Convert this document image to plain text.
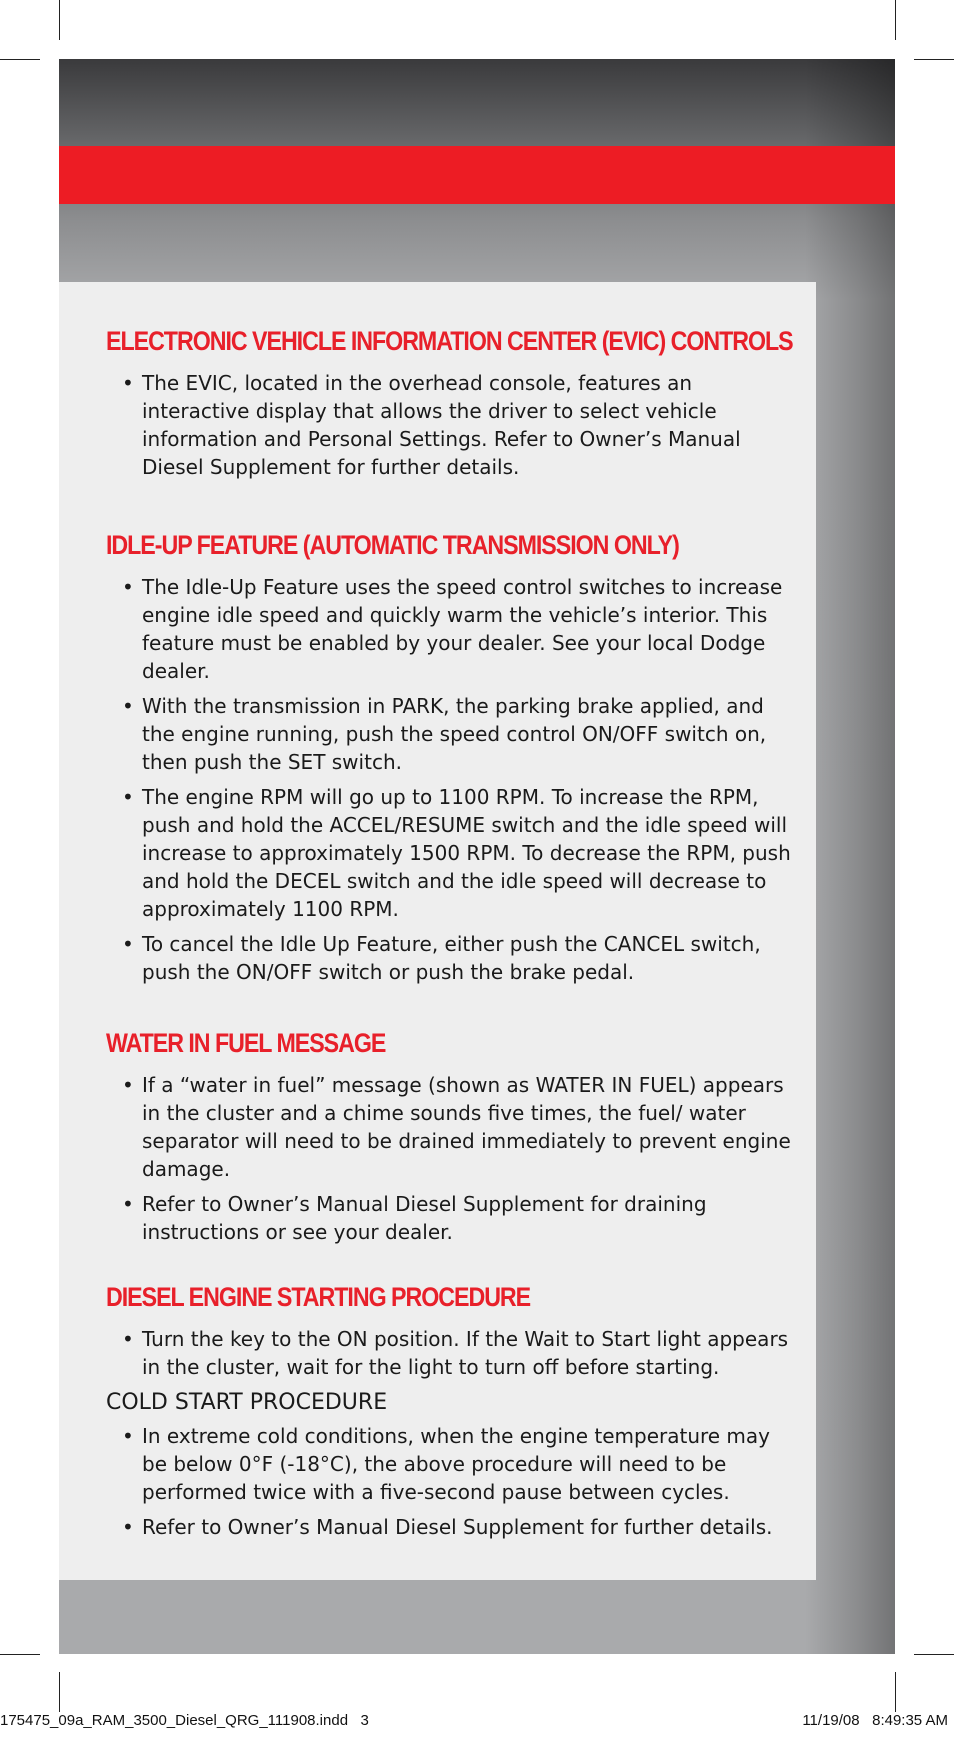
ELECTRONIC VEHICLE INFORMATION CENTER (EVIC) CONTROLS
• The EVIC, located in the overhead console, features an interactive display that allows the driver to select vehicle information and Personal Settings. Refer to Owner’s Manual Diesel Supplement for further details.
IDLE-UP FEATURE (AUTOMATIC TRANSMISSION ONLY)
• The Idle-Up Feature uses the speed control switches to increase engine idle speed and quickly warm the vehicle’s interior. This feature must be enabled by your dealer. See your local Dodge dealer.
• With the transmission in PARK, the parking brake applied, and the engine running, push the speed control ON/OFF switch on, then push the SET switch.
• The engine RPM will go up to 1100 RPM. To increase the RPM, push and hold the ACCEL/RESUME switch and the idle speed will increase to approximately 1500 RPM. To decrease the RPM, push and hold the DECEL switch and the idle speed will decrease to approximately 1100 RPM.
• To cancel the Idle Up Feature, either push the CANCEL switch, push the ON/OFF switch or push the brake pedal.
WATER IN FUEL MESSAGE
• If a “water in fuel” message (shown as WATER IN FUEL) appears in the cluster and a chime sounds five times, the fuel/ water separator will need to be drained immediately to prevent engine damage.
• Refer to Owner’s Manual Diesel Supplement for draining instructions or see your dealer.
DIESEL ENGINE STARTING PROCEDURE
• Turn the key to the ON position. If the Wait to Start light appears in the cluster, wait for the light to turn off before starting.
COLD START PROCEDURE
• In extreme cold conditions, when the engine temperature may be below 0°F (-18°C), the above procedure will need to be performed twice with a five-second pause between cycles.
• Refer to Owner’s Manual Diesel Supplement for further details.
175475_09a_RAM_3500_Diesel_QRG_111908.indd   3	11/19/08   8:49:35 AM
